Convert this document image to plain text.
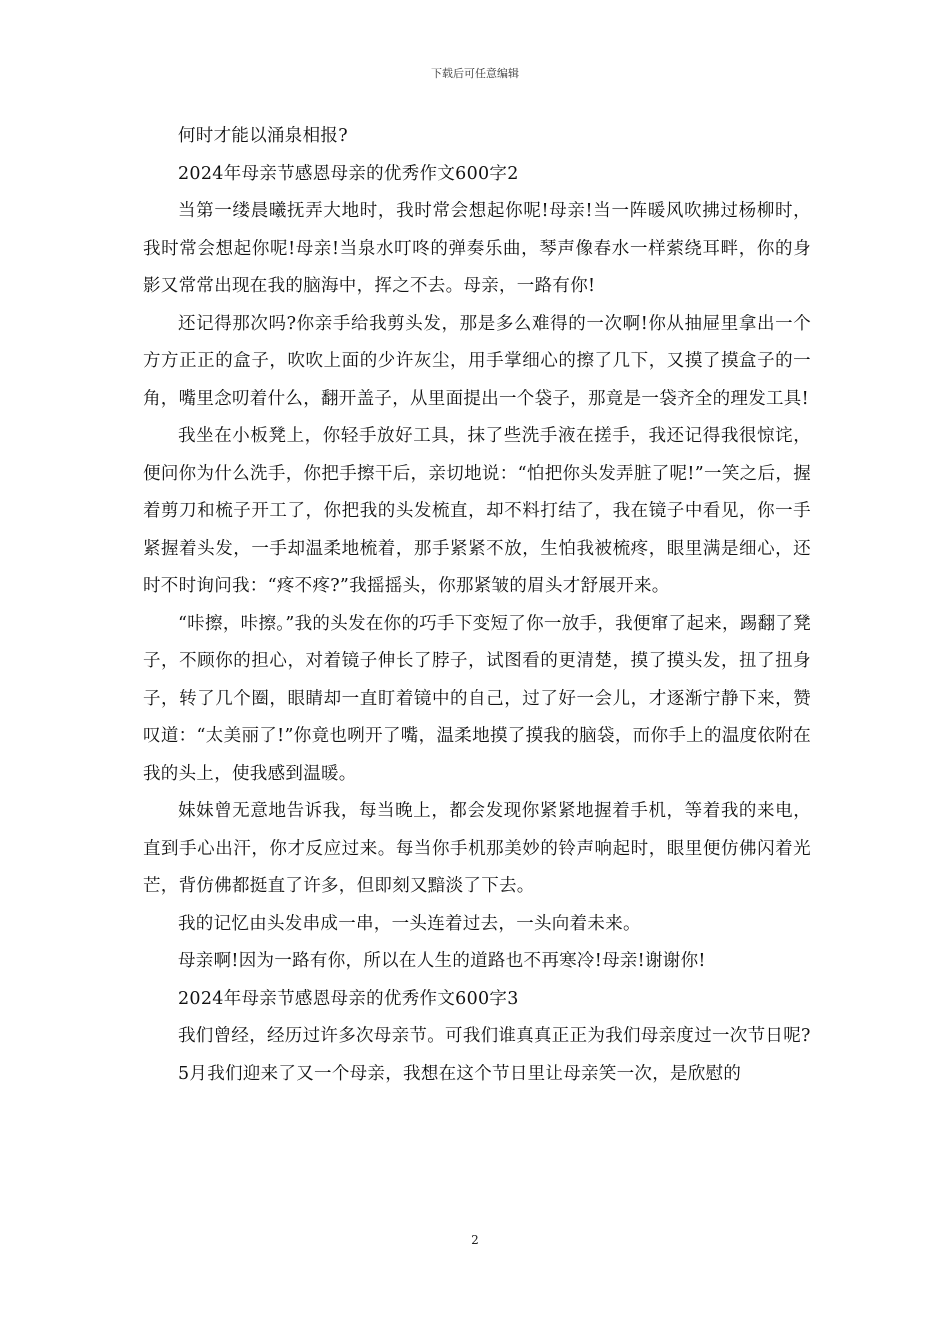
下载后可任意编辑

何时才能以涌泉相报?

2024年母亲节感恩母亲的优秀作文600字2

当第一缕晨曦抚弄大地时，我时常会想起你呢!母亲!当一阵暖风吹拂过杨柳时，我时常会想起你呢!母亲!当泉水叮咚的弹奏乐曲，琴声像春水一样萦绕耳畔，你的身影又常常出现在我的脑海中，挥之不去。母亲，一路有你!

还记得那次吗?你亲手给我剪头发，那是多么难得的一次啊!你从抽屉里拿出一个方方正正的盒子，吹吹上面的少许灰尘，用手掌细心的擦了几下，又摸了摸盒子的一角，嘴里念叨着什么，翻开盖子，从里面提出一个袋子，那竟是一袋齐全的理发工具!

我坐在小板凳上，你轻手放好工具，抹了些洗手液在搓手，我还记得我很惊诧，便问你为什么洗手，你把手擦干后，亲切地说：“怕把你头发弄脏了呢!”一笑之后，握着剪刀和梳子开工了，你把我的头发梳直，却不料打结了，我在镜子中看见，你一手紧握着头发，一手却温柔地梳着，那手紧紧不放，生怕我被梳疼，眼里满是细心，还时不时询问我：“疼不疼?”我摇摇头，你那紧皱的眉头才舒展开来。

“咔擦，咔擦。”我的头发在你的巧手下变短了你一放手，我便窜了起来，踢翻了凳子，不顾你的担心，对着镜子伸长了脖子，试图看的更清楚，摸了摸头发，扭了扭身子，转了几个圈，眼睛却一直盯着镜中的自己，过了好一会儿，才逐渐宁静下来，赞叹道：“太美丽了!”你竟也咧开了嘴，温柔地摸了摸我的脑袋，而你手上的温度依附在我的头上，使我感到温暖。

妹妹曾无意地告诉我，每当晚上，都会发现你紧紧地握着手机，等着我的来电，直到手心出汗，你才反应过来。每当你手机那美妙的铃声响起时，眼里便仿佛闪着光芒，背仿佛都挺直了许多，但即刻又黯淡了下去。

我的记忆由头发串成一串，一头连着过去，一头向着未来。

母亲啊!因为一路有你，所以在人生的道路也不再寒冷!母亲!谢谢你!

2024年母亲节感恩母亲的优秀作文600字3

我们曾经，经历过许多次母亲节。可我们谁真真正正为我们母亲度过一次节日呢?

5月我们迎来了又一个母亲，我想在这个节日里让母亲笑一次，是欣慰的

2
